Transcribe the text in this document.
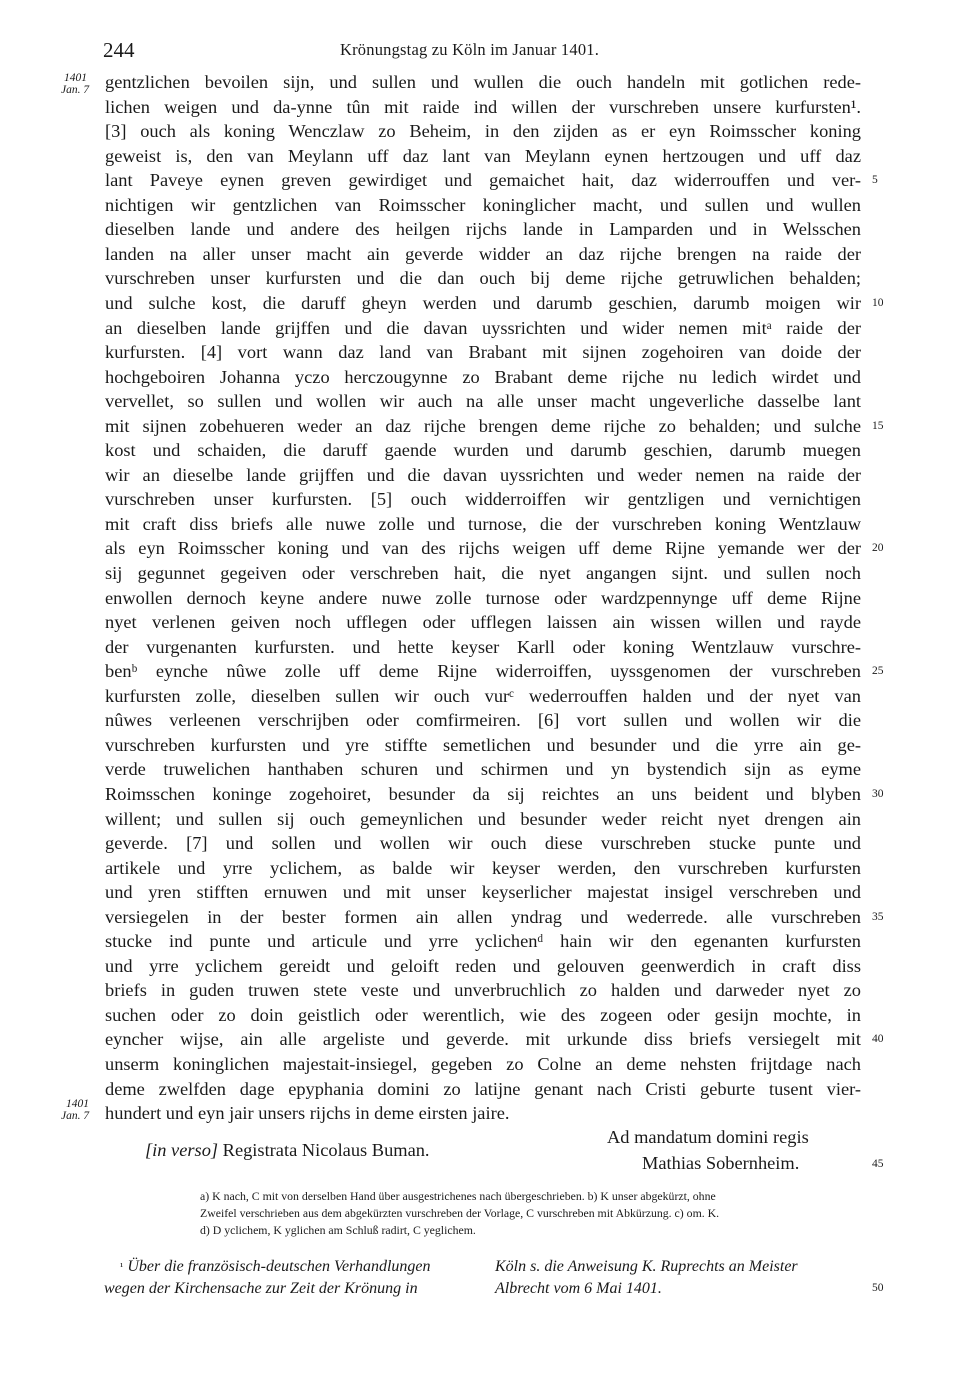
244	Krönungstag zu Köln im Januar 1401.
1401
Jan. 7
1401
Jan. 7
gentzlichen bevoilen sijn, und sullen und wullen die ouch handeln mit gotlichen rede-
lichen weigen und da-ynne tûn mit raide ind willen der vurschreben unsere kurfursten¹.
[3] ouch als koning Wenczlaw zo Beheim, in den zijden as er eyn Roimsscher koning
geweist is, den van Meylann uff daz lant van Meylann eynen hertzougen und uff daz
lant Paveye eynen greven gewirdiget und gemaichet hait, daz widerrouffen und ver-
nichtigen wir gentzlichen van Roimsscher koninglicher macht, und sullen und wullen
dieselben lande und andere des heilgen rijchs lande in Lamparden und in Welsschen
landen na aller unser macht ain geverde widder an daz rijche brengen na raide der
vurschreben unser kurfursten und die dan ouch bij deme rijche getruwlichen behalden;
und sulche kost, die daruff gheyn werden und darumb geschien, darumb moigen wir
an dieselben lande grijffen und die davan uyssrichten und wider nemen mitᵃ raide der
kurfursten. [4] vort wann daz land van Brabant mit sijnen zogehoiren van doide der
hochgeboiren Johanna yczo herczougynne zo Brabant deme rijche nu ledich wirdet und
vervellet, so sullen und wollen wir auch na alle unser macht ungeverliche dasselbe lant
mit sijnen zobehueren weder an daz rijche brengen deme rijche zo behalden; und sulche
kost und schaiden, die daruff gaende wurden und darumb geschien, darumb muegen
wir an dieselbe lande grijffen und die davan uyssrichten und weder nemen na raide der
vurschreben unser kurfursten. [5] ouch widderroiffen wir gentzligen und vernichtigen
mit craft diss briefs alle nuwe zolle und turnose, die der vurschreben koning Wentzlauw
als eyn Roimsscher koning und van des rijchs weigen uff deme Rijne yemande wer der
sij gegunnet gegeiven oder verschreben hait, die nyet angangen sijnt. und sullen noch
enwollen dernoch keyne andere nuwe zolle turnose oder wardzpennynge uff deme Rijne
nyet verlenen geiven noch ufflegen oder ufflegen laissen ain wissen willen und rayde
der vurgenanten kurfursten. und hette keyser Karll oder koning Wentzlauw vurschre-
benᵇ eynche nûwe zolle uff deme Rijne widerroiffen, uyssgenomen der vurschreben
kurfursten zolle, dieselben sullen wir ouch vurᶜ wederrouffen halden und der nyet van
nûwes verleenen verschrijben oder comfirmeiren. [6] vort sullen und wollen wir die
vurschreben kurfursten und yre stiffte semetlichen und besunder und die yrre ain ge-
verde truwelichen hanthaben schuren und schirmen und yn bystendich sijn as eyme
Roimsschen koninge zogehoiret, besunder da sij reichtes an uns beident und blyben
willent; und sullen sij ouch gemeynlichen und besunder weder reicht nyet drengen ain
geverde. [7] und sollen und wollen wir ouch diese vurschreben stucke punte und
artikele und yrre yclichem, as balde wir keyser werden, den vurschreben kurfursten
und yren stifften ernuwen und mit unser keyserlicher majestat insigel verschreben und
versiegelen in der bester formen ain allen yndrag und wederrede. alle vurschreben
stucke ind punte und articule und yrre yclichenᵈ hain wir den egenanten kurfursten
und yrre yclichem gereidt und geloift reden und gelouven geenwerdich in craft diss
briefs in guden truwen stete veste und unverbruchlich zo halden und darweder nyet zo
suchen oder zo doin geistlich oder werentlich, wie des zogeen oder gesijn mochte, in
eyncher wijse, ain alle argeliste und geverde. mit urkunde diss briefs versiegelt mit
unserm koninglichen majestait-insiegel, gegeben zo Colne an deme nehsten frijtdage nach
deme zwelfden dage epyphania domini zo latijne genant nach Cristi geburte tusent vier-
hundert und eyn jair unsers rijchs in deme eirsten jaire.
5
10
15
20
25
30
35
40
45
50
[in verso] Registrata Nicolaus Buman.
Ad mandatum domini regis
Mathias Sobernheim.
a) K nach, C mit von derselben Hand über ausgestrichenes nach übergeschrieben. b) K unser abgekürzt, ohne
Zweifel verschrieben aus dem abgekürzten vurschreben der Vorlage, C vurschreben mit Abkürzung. c) om. K.
d) D yclichem, K yglichen am Schluß radirt, C yeglichem.
$^{^1}$ Über die französisch-deutschen Verhandlungen
wegen der Kirchensache zur Zeit der Krönung in
Köln s. die Anweisung K. Ruprechts an Meister
Albrecht vom 6 Mai 1401.
